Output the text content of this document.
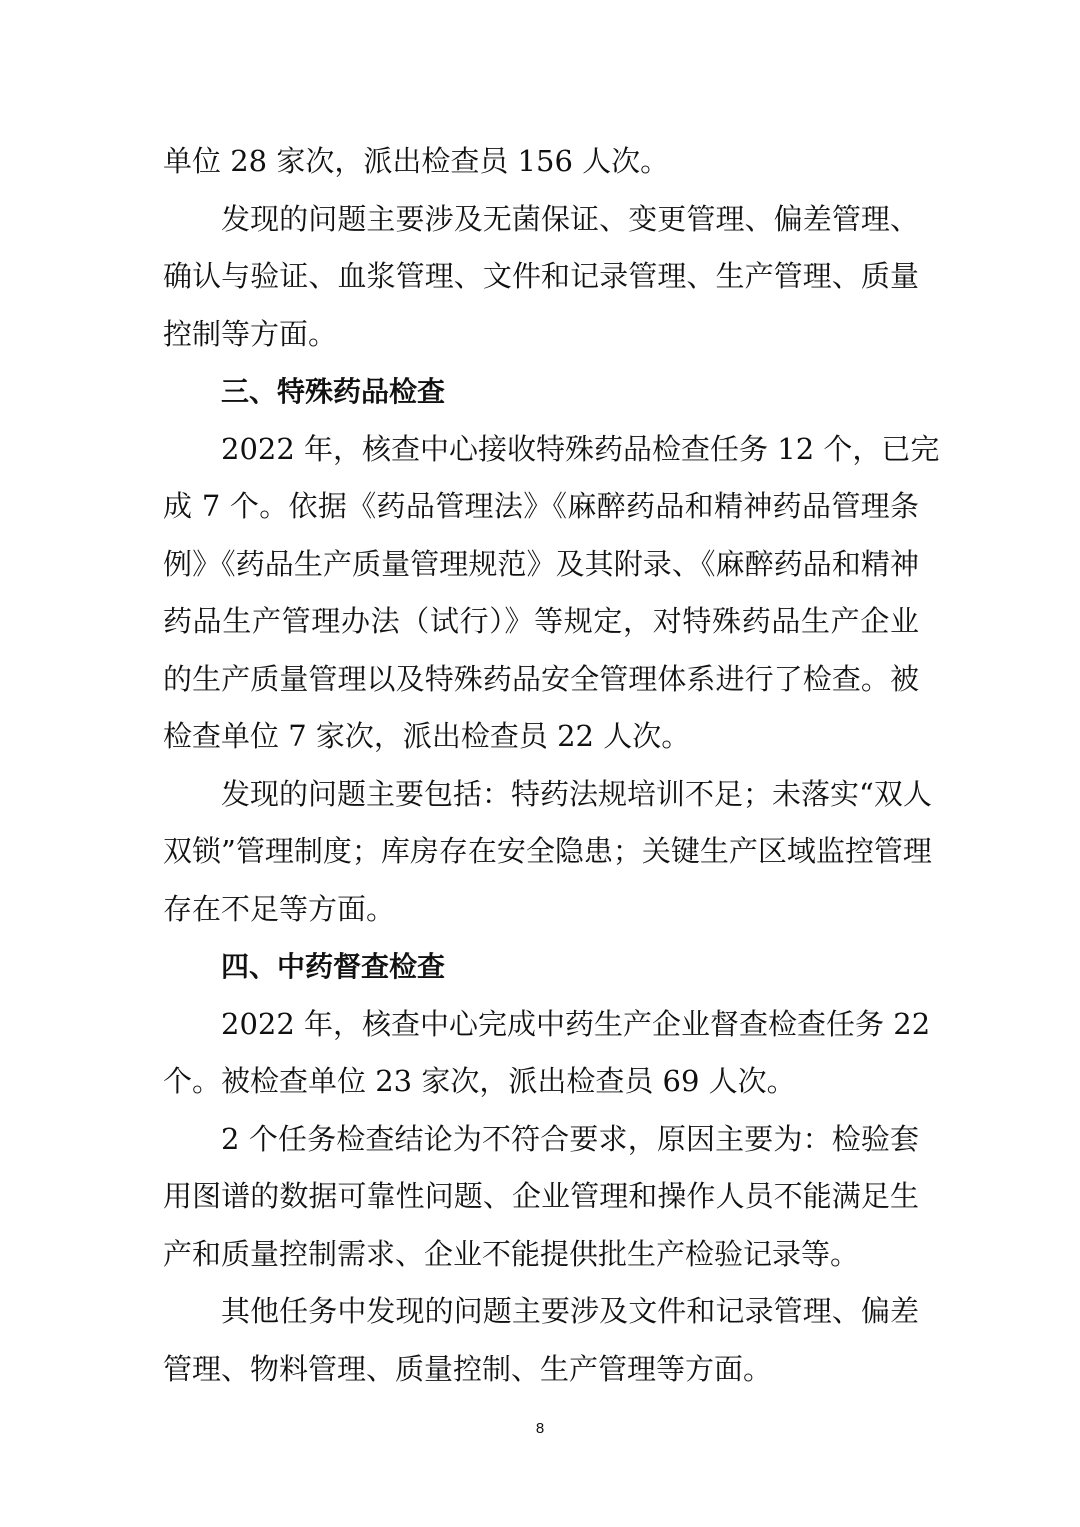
单位 28 家次，派出检查员 156 人次。
发现的问题主要涉及无菌保证、变更管理、偏差管理、
确认与验证、血浆管理、文件和记录管理、生产管理、质量
控制等方面。
三、特殊药品检查
2022 年，核查中心接收特殊药品检查任务 12 个，已完
成 7 个。依据《药品管理法》《麻醉药品和精神药品管理条
例》《药品生产质量管理规范》及其附录、《麻醉药品和精神
药品生产管理办法（试行）》等规定，对特殊药品生产企业
的生产质量管理以及特殊药品安全管理体系进行了检查。被
检查单位 7 家次，派出检查员 22 人次。
发现的问题主要包括：特药法规培训不足；未落实“双人
双锁”管理制度；库房存在安全隐患；关键生产区域监控管理
存在不足等方面。
四、中药督查检查
2022 年，核查中心完成中药生产企业督查检查任务 22
个。被检查单位 23 家次，派出检查员 69 人次。
2 个任务检查结论为不符合要求，原因主要为：检验套
用图谱的数据可靠性问题、企业管理和操作人员不能满足生
产和质量控制需求、企业不能提供批生产检验记录等。
其他任务中发现的问题主要涉及文件和记录管理、偏差
管理、物料管理、质量控制、生产管理等方面。
8
